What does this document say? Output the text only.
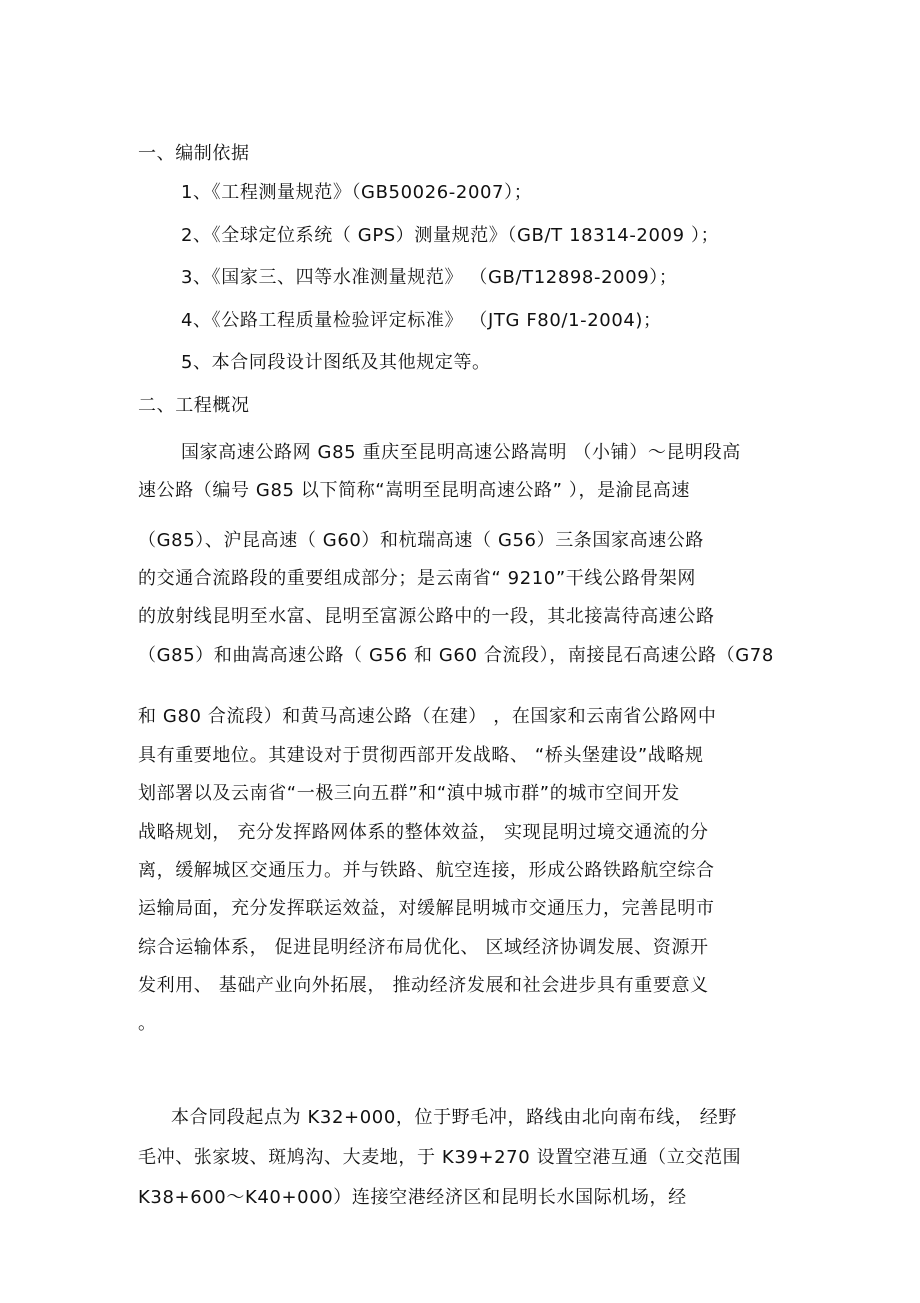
一、编制依据

1、《工程测量规范》（GB50026-2007）；

2、《全球定位系统（ GPS）测量规范》（GB/T 18314-2009 ）；

3、《国家三、四等水准测量规范》 （GB/T12898-2009）；

4、《公路工程质量检验评定标准》 （JTG F80/1-2004)；

5、本合同段设计图纸及其他规定等。

二、工程概况

国家高速公路网 G85 重庆至昆明高速公路嵩明 （小铺）～昆明段高

速公路（编号 G85 以下简称“嵩明至昆明高速公路” ），是渝昆高速

（G85）、沪昆高速（ G60）和杭瑞高速（ G56）三条国家高速公路

的交通合流路段的重要组成部分；是云南省“ 9210”干线公路骨架网

的放射线昆明至水富、昆明至富源公路中的一段，其北接嵩待高速公路

（G85）和曲嵩高速公路（ G56 和 G60 合流段），南接昆石高速公路（G78

和 G80 合流段）和黄马高速公路（在建） ，在国家和云南省公路网中

具有重要地位。其建设对于贯彻西部开发战略、 “桥头堡建设”战略规

划部署以及云南省“一极三向五群”和“滇中城市群”的城市空间开发

战略规划， 充分发挥路网体系的整体效益， 实现昆明过境交通流的分

离，缓解城区交通压力。并与铁路、航空连接，形成公路铁路航空综合

运输局面，充分发挥联运效益，对缓解昆明城市交通压力，完善昆明市

综合运输体系， 促进昆明经济布局优化、 区域经济协调发展、资源开

发利用、 基础产业向外拓展， 推动经济发展和社会进步具有重要意义

。

本合同段起点为 K32+000，位于野毛冲，路线由北向南布线， 经野

毛冲、张家坡、斑鸠沟、大麦地，于 K39+270 设置空港互通（立交范围

K38+600～K40+000）连接空港经济区和昆明长水国际机场，经
